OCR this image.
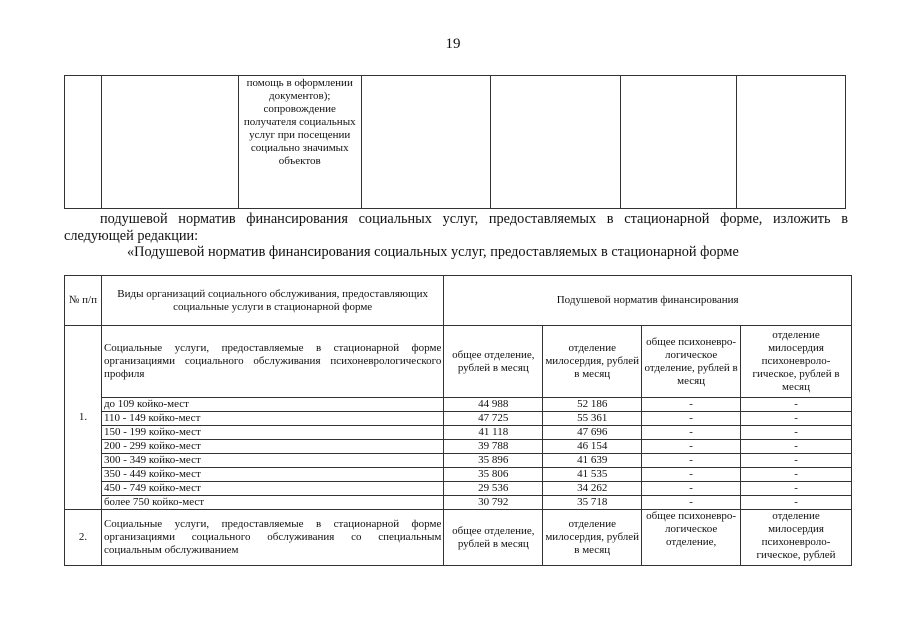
19
		помощь в оформлении документов); сопровождение получателя социальных услуг при посещении социально значимых объектов				
подушевой норматив финансирования социальных услуг, предоставляемых в стационарной форме, изложить в следующей редакции:
«Подушевой норматив финансирования социальных услуг, предоставляемых в стационарной форме
№ п/п	Виды организаций социального обслуживания, предоставляющих социальные услуги в стационарной форме	Подушевой норматив финансирования			
1.	Социальные услуги, предоставляемые в стационарной форме организациями социального обслуживания психоневрологического профиля	общее отделение, рублей в месяц	отделение милосердия, рублей в месяц	общее психоневро-логическое отделение, рублей в месяц	отделение милосердия психоневроло-гическое, рублей в месяц
	до 109 койко-мест	44 988	52 186	-	-
	110 - 149 койко-мест	47 725	55 361	-	-
	150 - 199 койко-мест	41 118	47 696	-	-
	200 - 299 койко-мест	39 788	46 154	-	-
	300 - 349 койко-мест	35 896	41 639	-	-
	350 - 449 койко-мест	35 806	41 535	-	-
	450 - 749 койко-мест	29 536	34 262	-	-
	более 750 койко-мест	30 792	35 718	-	-
2.	Социальные услуги, предоставляемые в стационарной форме организациями социального обслуживания со специальным социальным обслуживанием	общее отделение, рублей в месяц	отделение милосердия, рублей в месяц	общее психоневро-логическое отделение,	отделение милосердия психоневроло-гическое, рублей
